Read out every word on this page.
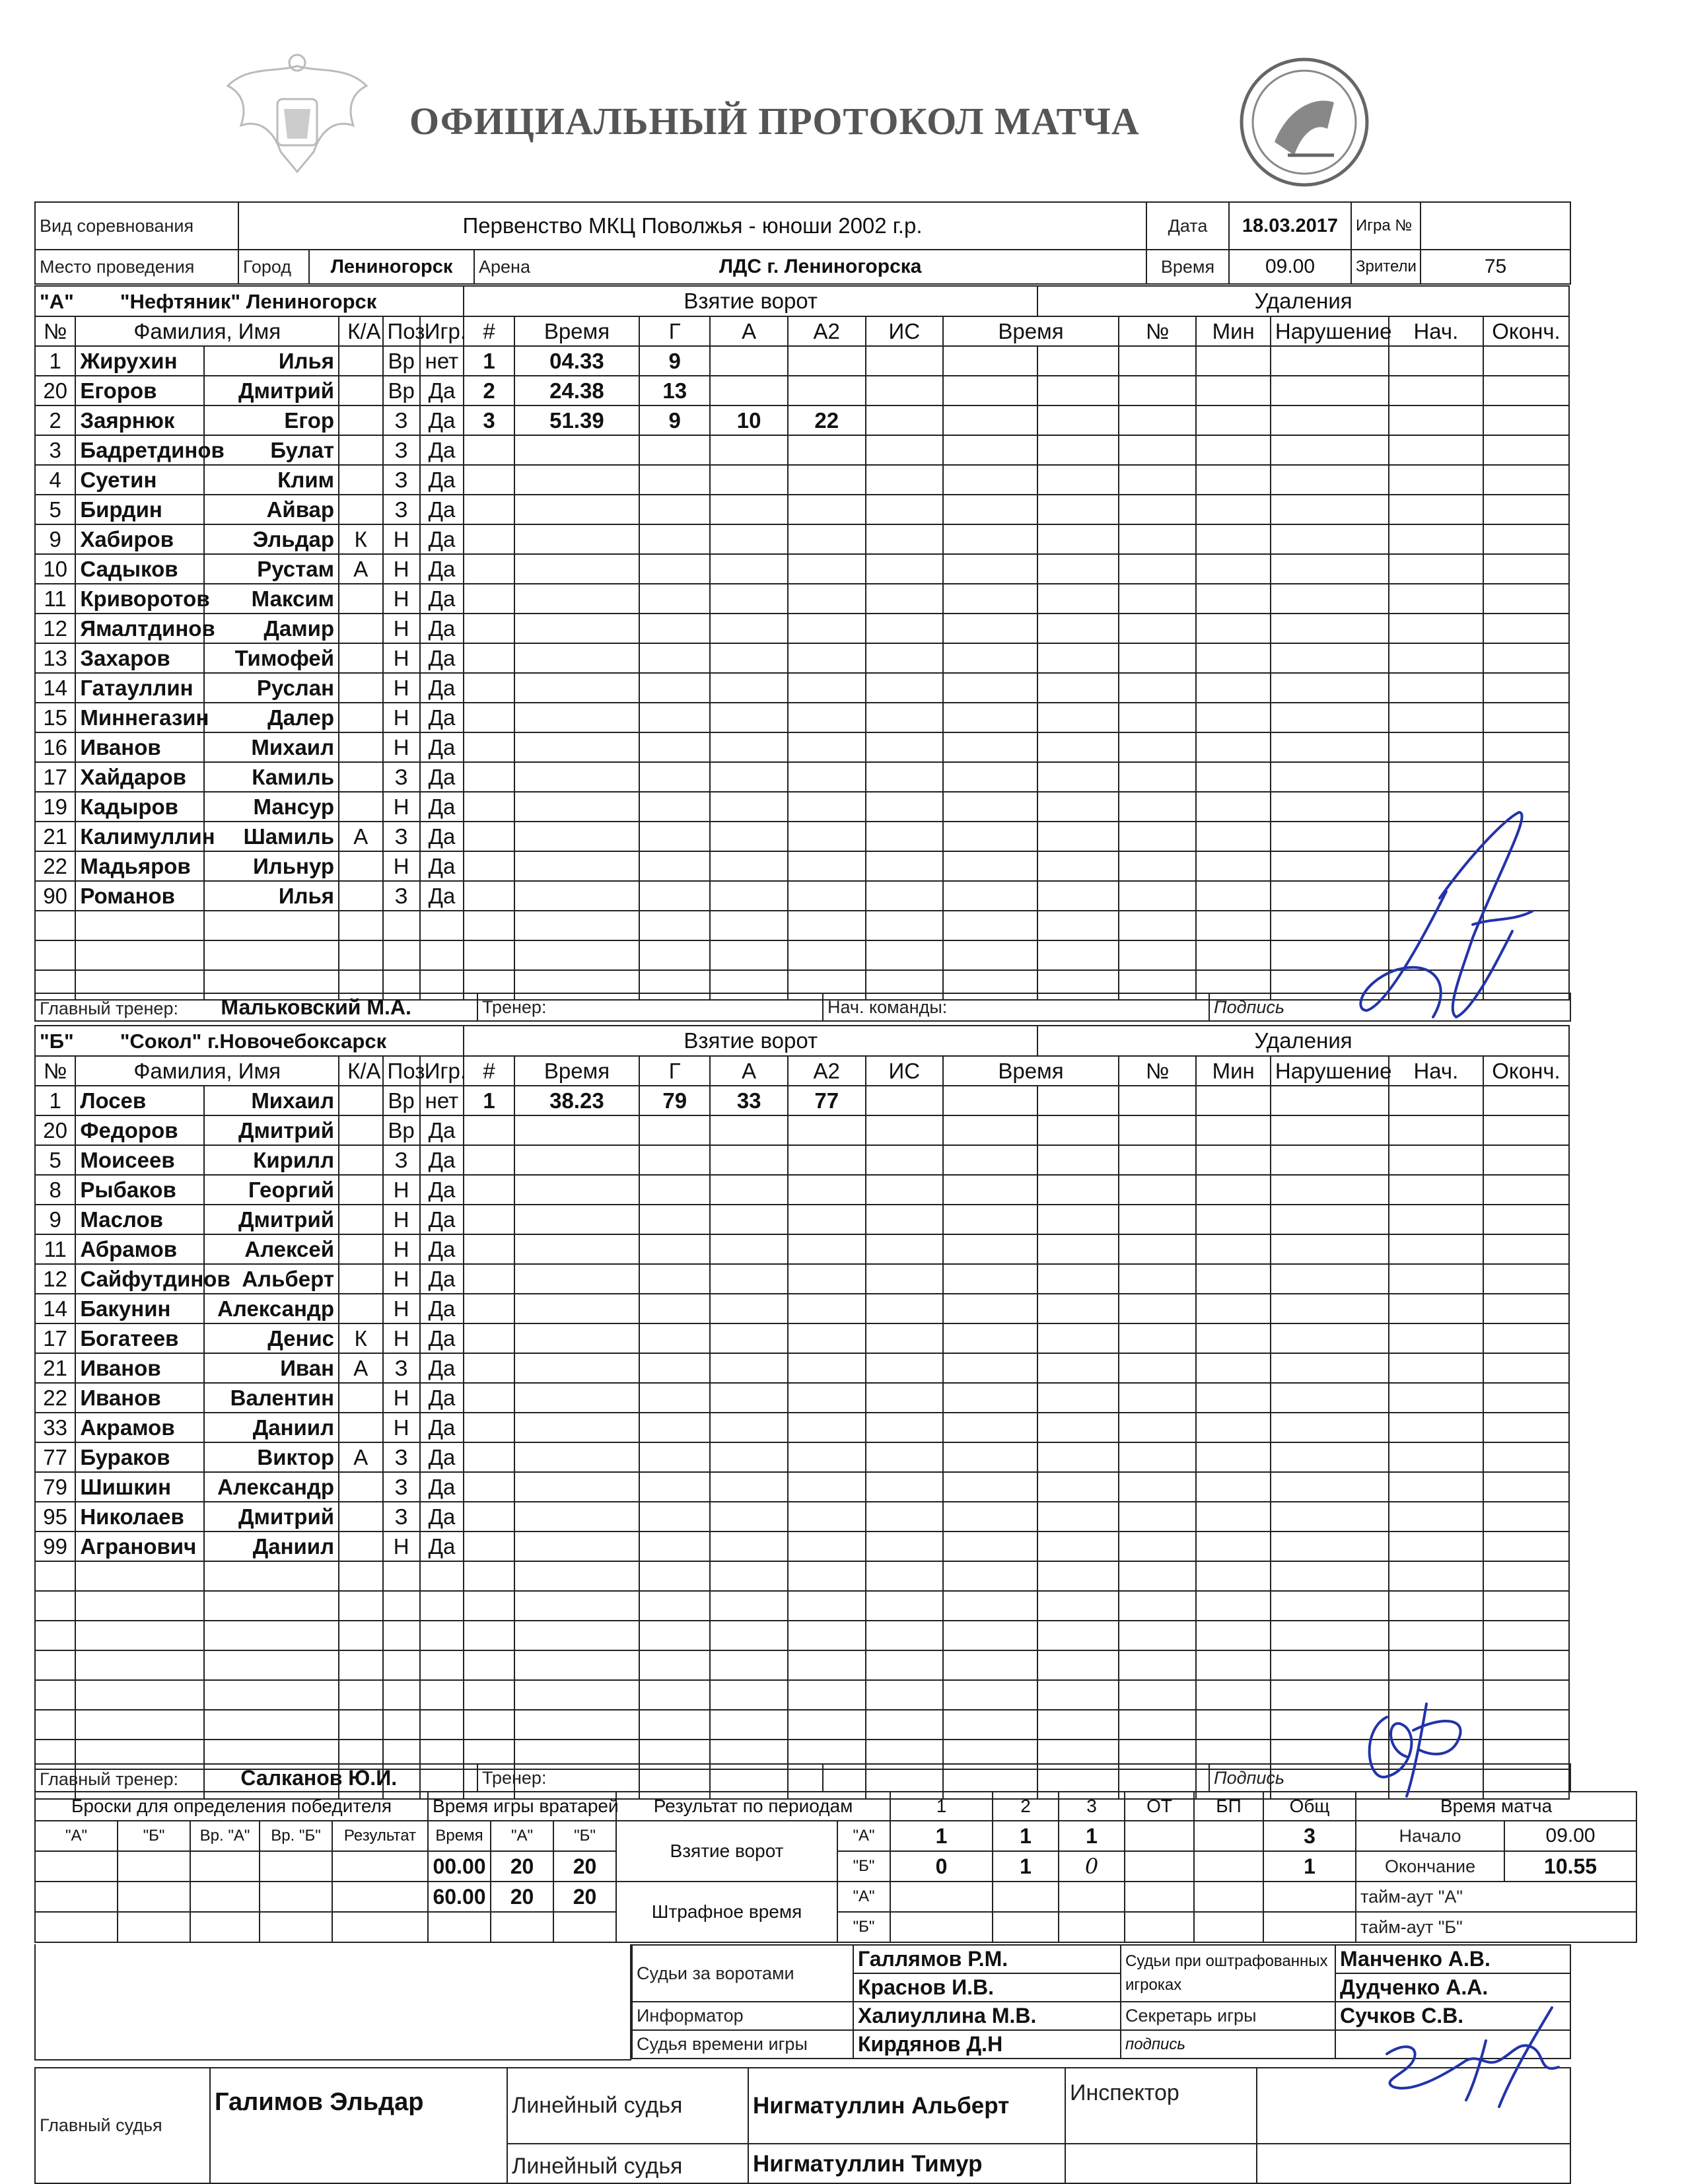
ОФИЦИАЛЬНЫЙ ПРОТОКОЛ МАТЧА
Вид соревнования	Первенство МКЦ Поволжья - юноши 2002 г.р.	Дата	18.03.2017	Игра №	
Место проведения	Город	Лениногорск	Арена	ЛДС г. Лениногорска	Время	09.00	Зрители	75
"А" "Нефтяник" Лениногорск						Взятие ворот							Удаления					
№	Фамилия, Имя		К/А	Поз	Игр.	#	Время	Г	А	А2	ИС	Время		№	Мин	Нарушение	Нач.	Оконч.
1	Жирухин	Илья		Вр	нет	1	04.33	9										
20	Егоров	Дмитрий		Вр	Да	2	24.38	13										
2	Заярнюк	Егор		З	Да	3	51.39	9	10	22								
3	Бадретдинов	Булат		З	Да													
4	Суетин	Клим		З	Да													
5	Бирдин	Айвар		З	Да													
9	Хабиров	Эльдар	К	Н	Да													
10	Садыков	Рустам	А	Н	Да													
11	Криворотов	Максим		Н	Да													
12	Ямалтдинов	Дамир		Н	Да													
13	Захаров	Тимофей		Н	Да													
14	Гатауллин	Руслан		Н	Да													
15	Миннегазин	Далер		Н	Да													
16	Иванов	Михаил		Н	Да													
17	Хайдаров	Камиль		З	Да													
19	Кадыров	Мансур		Н	Да													
21	Калимуллин	Шамиль	А	З	Да													
22	Мадьяров	Ильнур		Н	Да													
90	Романов	Илья		З	Да													

Главный тренер: Мальковский М.А.	Тренер:	Нач. команды:	Подпись
"Б" "Сокол" г.Новочебоксарск						Взятие ворот							Удаления					
№	Фамилия, Имя		К/А	Поз	Игр.	#	Время	Г	А	А2	ИС	Время		№	Мин	Нарушение	Нач.	Оконч.
1	Лосев	Михаил		Вр	нет	1	38.23	79	33	77								
20	Федоров	Дмитрий		Вр	Да													
5	Моисеев	Кирилл		З	Да													
8	Рыбаков	Георгий		Н	Да													
9	Маслов	Дмитрий		Н	Да													
11	Абрамов	Алексей		Н	Да													
12	Сайфутдинов	Альберт		Н	Да													
14	Бакунин	Александр		Н	Да													
17	Богатеев	Денис	К	Н	Да													
21	Иванов	Иван	А	З	Да													
22	Иванов	Валентин		Н	Да													
33	Акрамов	Даниил		Н	Да													
77	Бураков	Виктор	А	З	Да													
79	Шишкин	Александр		З	Да													
95	Николаев	Дмитрий		З	Да													
99	Агранович	Даниил		Н	Да													

Главный тренер:	Салканов Ю.И.	Тренер:		Подпись
Броски для определения победителя					Время игры вратарей			Результат по периодам		1	2	3	ОТ	БП	Общ	Время матча	
"А"	"Б"	Вр. "А"	Вр. "Б"	Результат	Время	"А"	"Б"	Взятие ворот	"А"	1	1	1			3	Начало	09.00
					00.00	20	20		"Б"	0	1	0			1	Окончание	10.55
					60.00	20	20	Штрафное время	"А"							тайм-аут "А"	
									"Б"							тайм-аут "Б"	
Судьи за воротами	Галлямов Р.М.	Судьи при оштрафованных игроках	Манченко А.В.
	Краснов И.В.		Дудченко А.А.
Информатор	Халиуллина М.В.	Секретарь игры	Сучков С.В.
Судья времени игры	Кирдянов Д.Н	подпись	
Главный судья	Галимов Эльдар	Линейный судья	Нигматуллин Альберт	Инспектор	
		Линейный судья	Нигматуллин Тимур		
